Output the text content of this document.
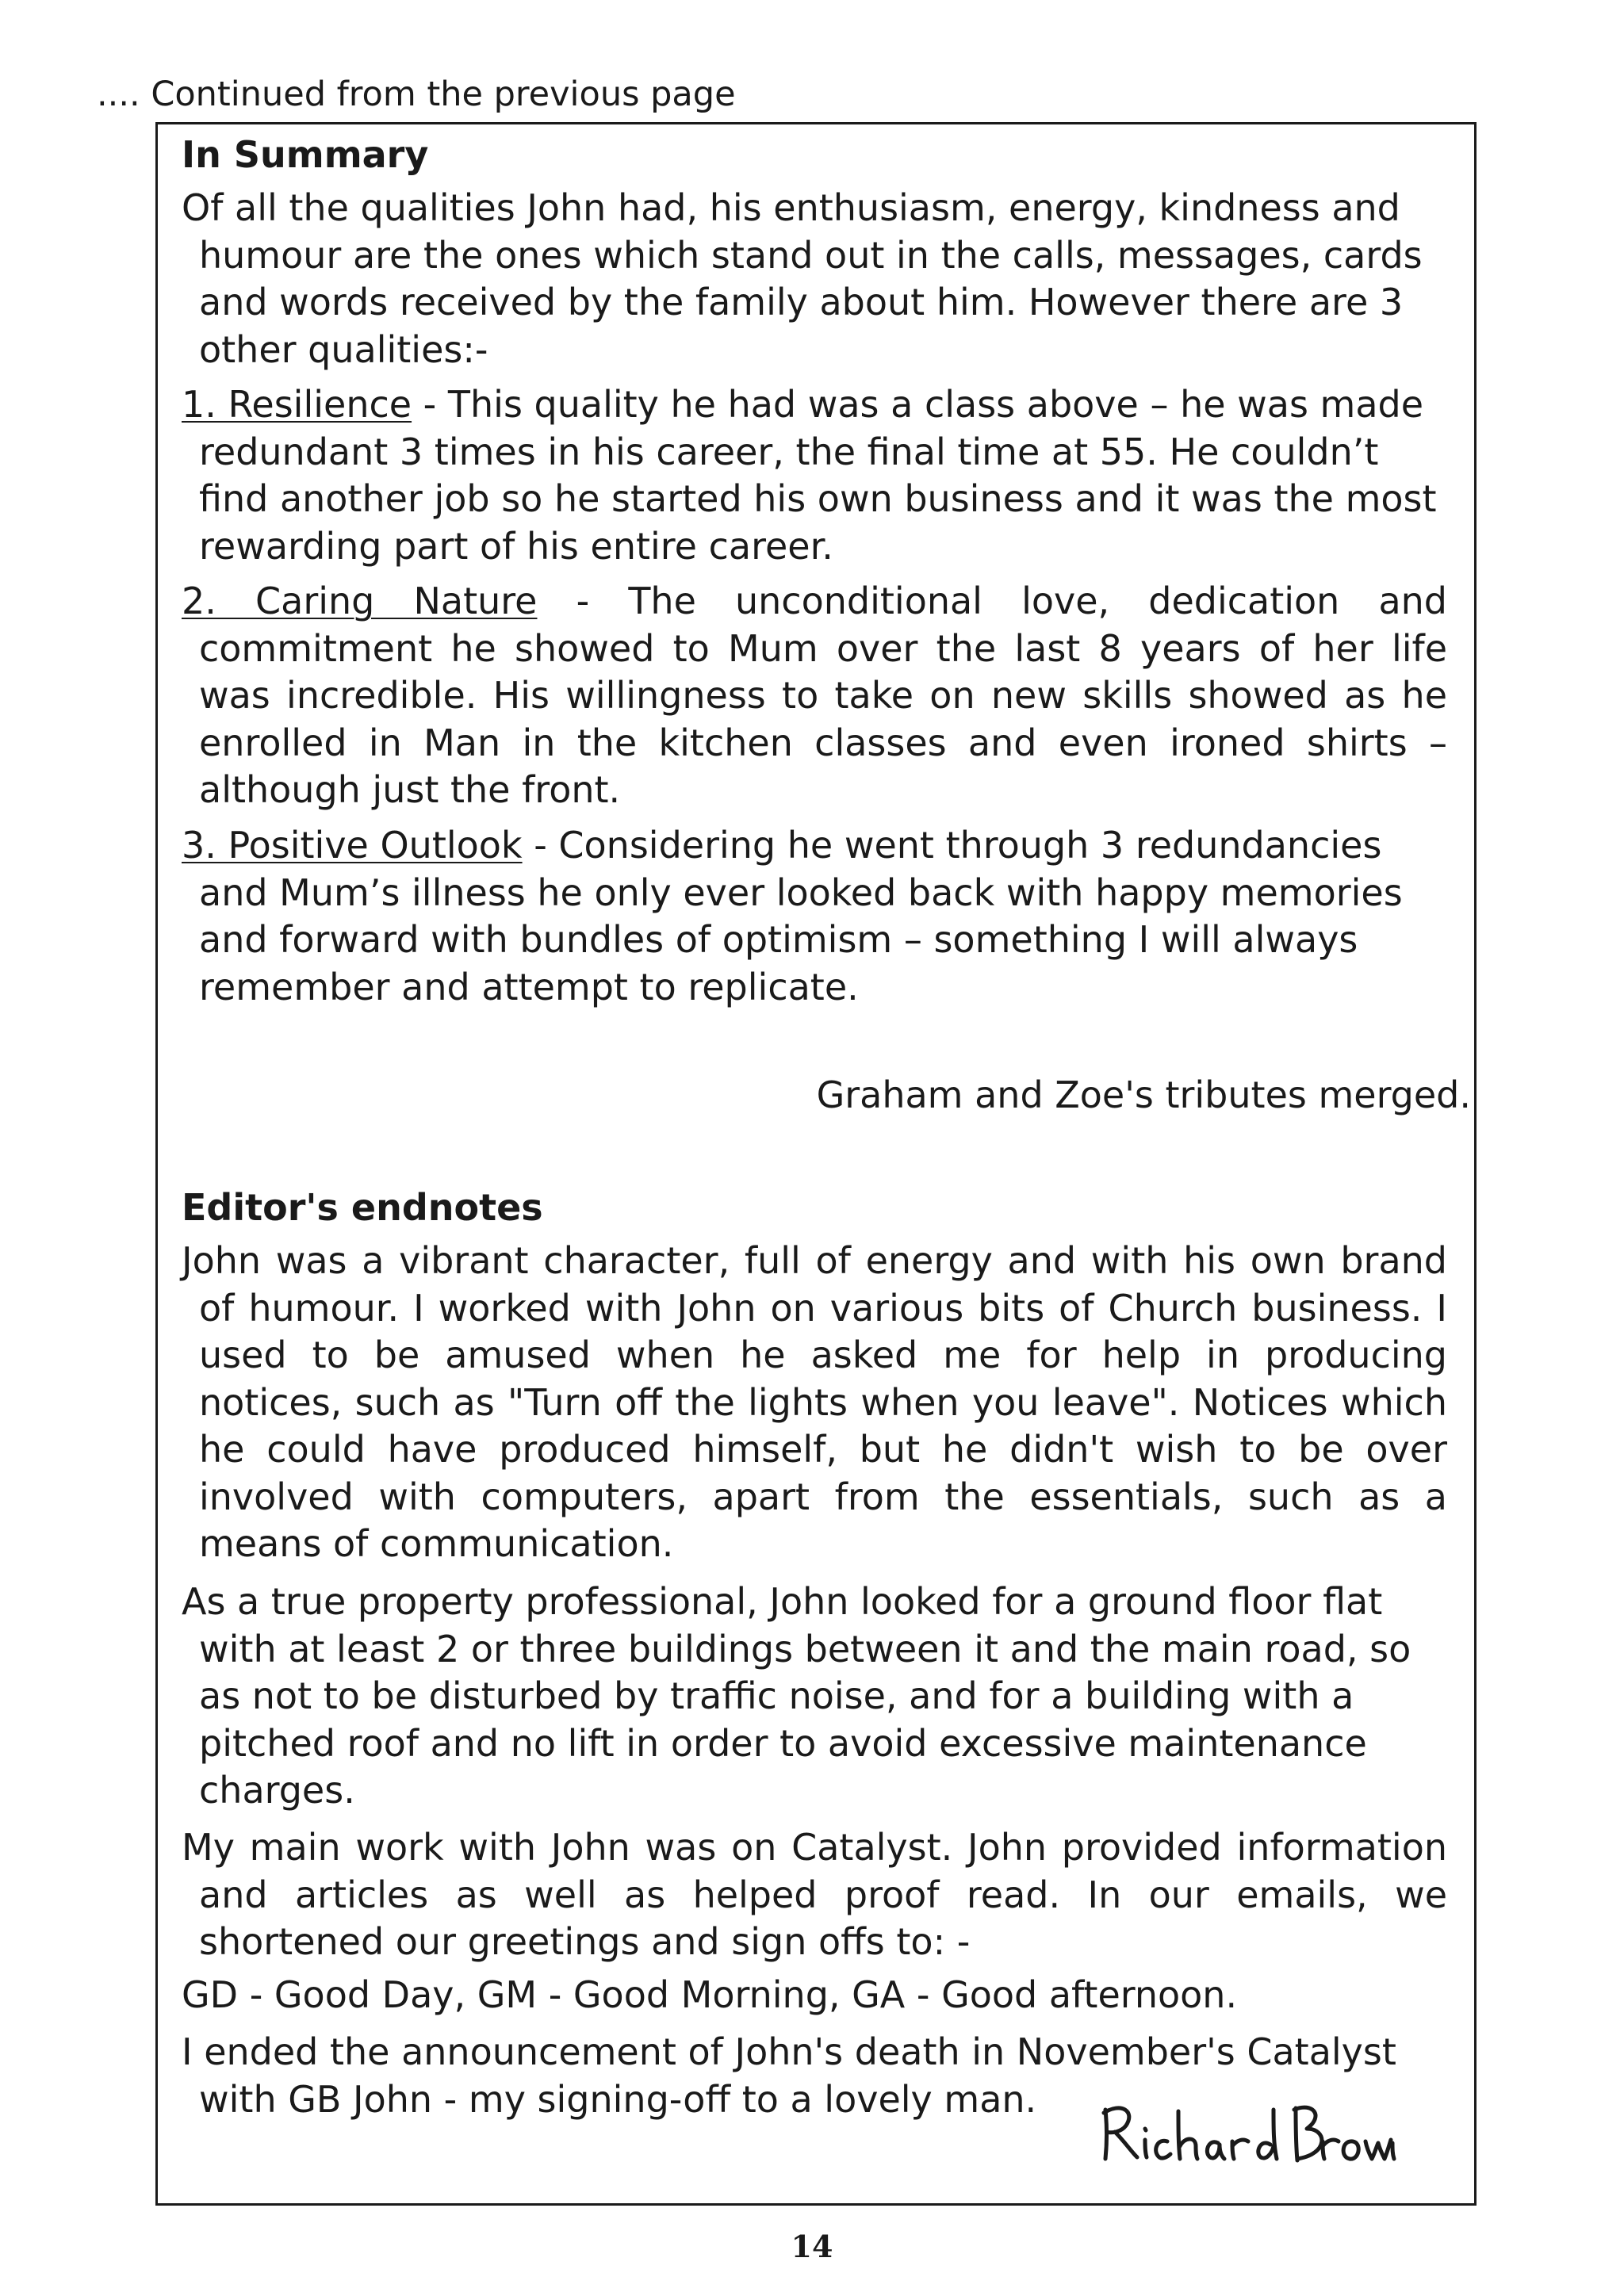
.... Continued from the previous page
In Summary
Of all the qualities John had, his enthusiasm, energy, kindness and humour are the ones which stand out in the calls, messages, cards and words received by the family about him. However there are 3 other qualities:-
1. Resilience - This quality he had was a class above – he was made redundant 3 times in his career, the final time at 55. He couldn’t find another job so he started his own business and it was the most rewarding part of his entire career.
2. Caring Nature - The unconditional love, dedication and commitment he showed to Mum over the last 8 years of her life was incredible. His willingness to take on new skills showed as he enrolled in Man in the kitchen classes and even ironed shirts – although just the front.
3. Positive Outlook - Considering he went through 3 redundancies and Mum’s illness he only ever looked back with happy memories and forward with bundles of optimism – something I will always remember and attempt to replicate.
Graham and Zoe's tributes merged.
Editor's endnotes
John was a vibrant character, full of energy and with his own brand of humour. I worked with John on various bits of Church business. I used to be amused when he asked me for help in producing notices, such as "Turn off the lights when you leave". Notices which he could have produced himself, but he didn't wish to be over involved with computers, apart from the essentials, such as a means of communication.
As a true property professional, John looked for a ground floor flat with at least 2 or three buildings between it and the main road, so as not to be disturbed by traffic noise, and for a building with a pitched roof and no lift in order to avoid excessive maintenance charges.
My main work with John was on Catalyst. John provided information and articles as well as helped proof read. In our emails, we shortened our greetings and sign offs to: -
GD - Good Day, GM - Good Morning, GA - Good afternoon.
I ended the announcement of John's death in November's Catalyst with GB John - my signing-off to a lovely man.
14
